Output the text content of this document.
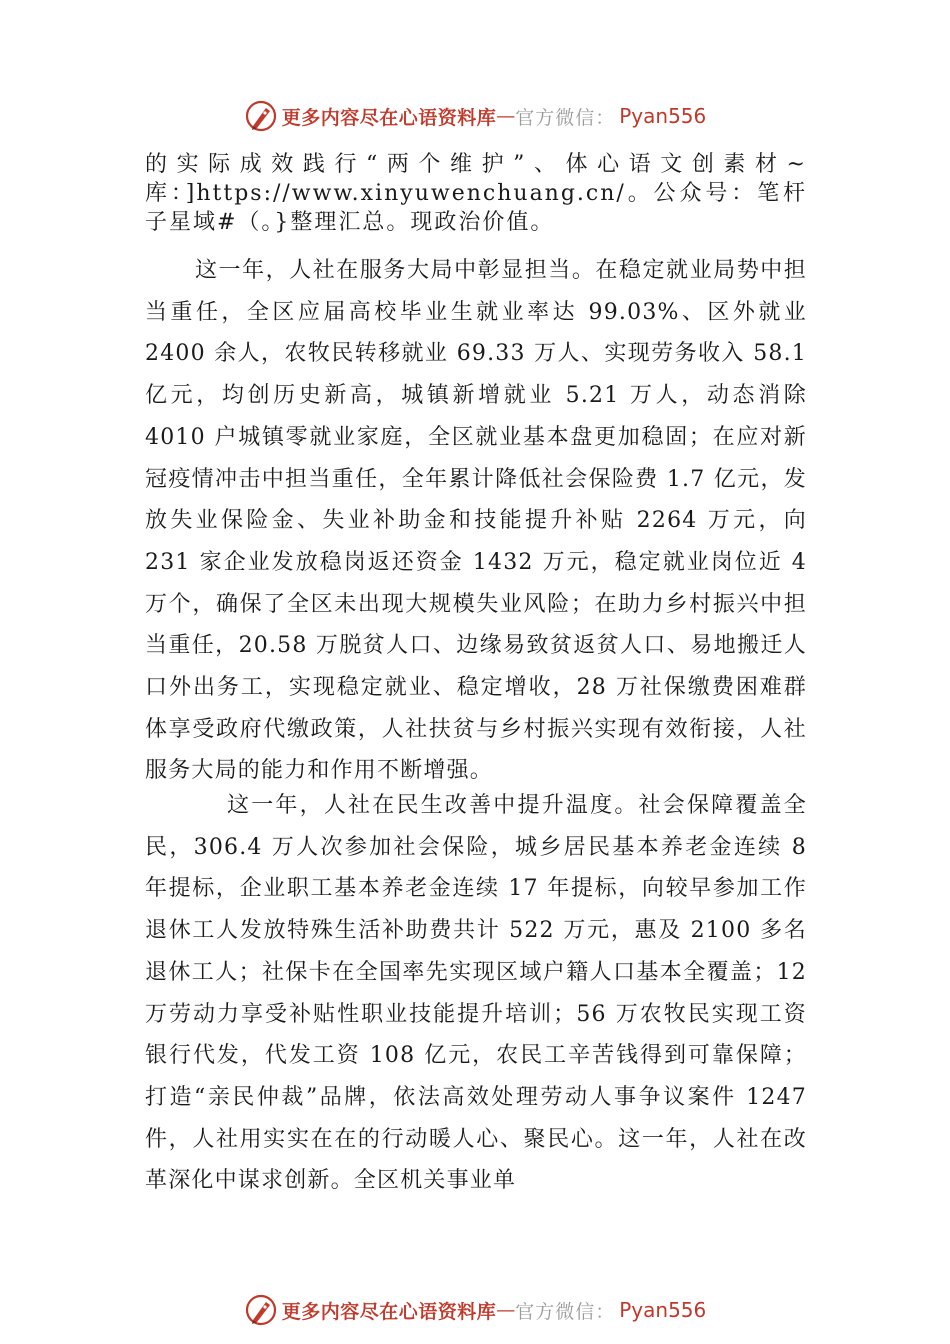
更多内容尽在心语资料库 — 官方微信： Pyan556

的实际成效践行“两个维护”、体心语文创素材~库：]https://www.xinyuwenchuang.cn/。公众号：笔杆子星域#（。}整理汇总。现政治价值。

这一年，人社在服务大局中彰显担当。在稳定就业局势中担当重任，全区应届高校毕业生就业率达 99.03%、区外就业 2400 余人，农牧民转移就业 69.33 万人、实现劳务收入 58.1 亿元，均创历史新高，城镇新增就业 5.21 万人，动态消除 4010 户城镇零就业家庭，全区就业基本盘更加稳固；在应对新冠疫情冲击中担当重任，全年累计降低社会保险费 1.7 亿元，发放失业保险金、失业补助金和技能提升补贴 2264 万元，向 231 家企业发放稳岗返还资金 1432 万元，稳定就业岗位近 4 万个，确保了全区未出现大规模失业风险；在助力乡村振兴中担当重任，20.58 万脱贫人口、边缘易致贫返贫人口、易地搬迁人口外出务工，实现稳定就业、稳定增收，28 万社保缴费困难群体享受政府代缴政策，人社扶贫与乡村振兴实现有效衔接，人社服务大局的能力和作用不断增强。

这一年，人社在民生改善中提升温度。社会保障覆盖全民，306.4 万人次参加社会保险，城乡居民基本养老金连续 8 年提标，企业职工基本养老金连续 17 年提标，向较早参加工作退休工人发放特殊生活补助费共计 522 万元，惠及 2100 多名退休工人；社保卡在全国率先实现区域户籍人口基本全覆盖；12 万劳动力享受补贴性职业技能提升培训；56 万农牧民实现工资银行代发，代发工资 108 亿元，农民工辛苦钱得到可靠保障；打造“亲民仲裁”品牌，依法高效处理劳动人事争议案件 1247 件，人社用实实在在的行动暖人心、聚民心。这一年，人社在改革深化中谋求创新。全区机关事业单

更多内容尽在心语资料库 — 官方微信： Pyan556
